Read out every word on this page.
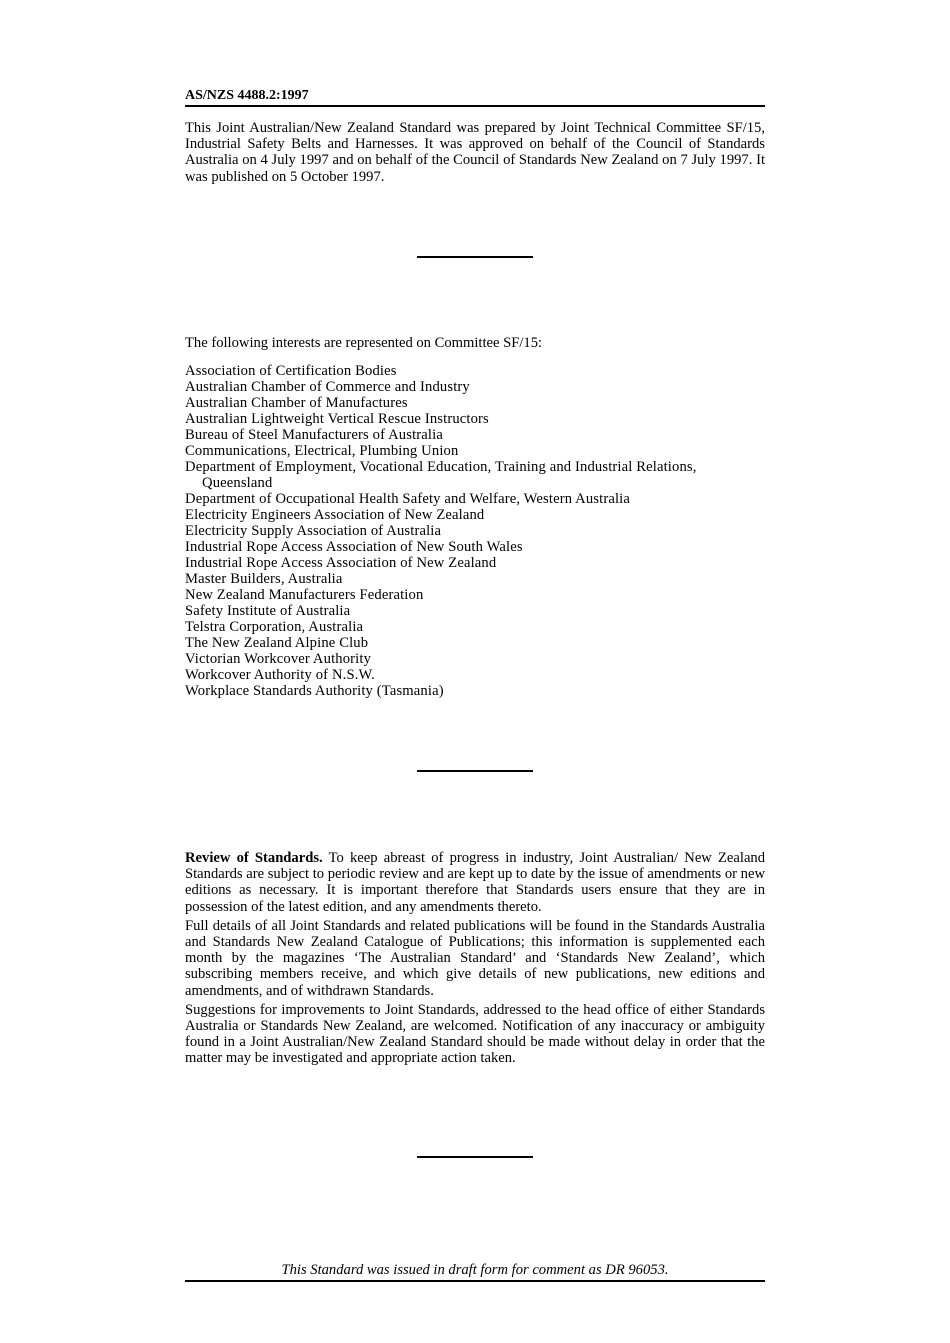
AS/NZS 4488.2:1997

This Joint Australian/New Zealand Standard was prepared by Joint Technical Committee SF/15, Industrial Safety Belts and Harnesses. It was approved on behalf of the Council of Standards Australia on 4 July 1997 and on behalf of the Council of Standards New Zealand on 7 July 1997. It was published on 5 October 1997.

The following interests are represented on Committee SF/15:
Association of Certification Bodies
Australian Chamber of Commerce and Industry
Australian Chamber of Manufactures
Australian Lightweight Vertical Rescue Instructors
Bureau of Steel Manufacturers of Australia
Communications, Electrical, Plumbing Union
Department of Employment, Vocational Education, Training and Industrial Relations, Queensland
Department of Occupational Health Safety and Welfare, Western Australia
Electricity Engineers Association of New Zealand
Electricity Supply Association of Australia
Industrial Rope Access Association of New South Wales
Industrial Rope Access Association of New Zealand
Master Builders, Australia
New Zealand Manufacturers Federation
Safety Institute of Australia
Telstra Corporation, Australia
The New Zealand Alpine Club
Victorian Workcover Authority
Workcover Authority of N.S.W.
Workplace Standards Authority (Tasmania)

Review of Standards. To keep abreast of progress in industry, Joint Australian/ New Zealand Standards are subject to periodic review and are kept up to date by the issue of amendments or new editions as necessary. It is important therefore that Standards users ensure that they are in possession of the latest edition, and any amendments thereto.

Full details of all Joint Standards and related publications will be found in the Standards Australia and Standards New Zealand Catalogue of Publications; this information is supplemented each month by the magazines ‘The Australian Standard’ and ‘Standards New Zealand’, which subscribing members receive, and which give details of new publications, new editions and amendments, and of withdrawn Standards.

Suggestions for improvements to Joint Standards, addressed to the head office of either Standards Australia or Standards New Zealand, are welcomed. Notification of any inaccuracy or ambiguity found in a Joint Australian/New Zealand Standard should be made without delay in order that the matter may be investigated and appropriate action taken.

This Standard was issued in draft form for comment as DR 96053.
